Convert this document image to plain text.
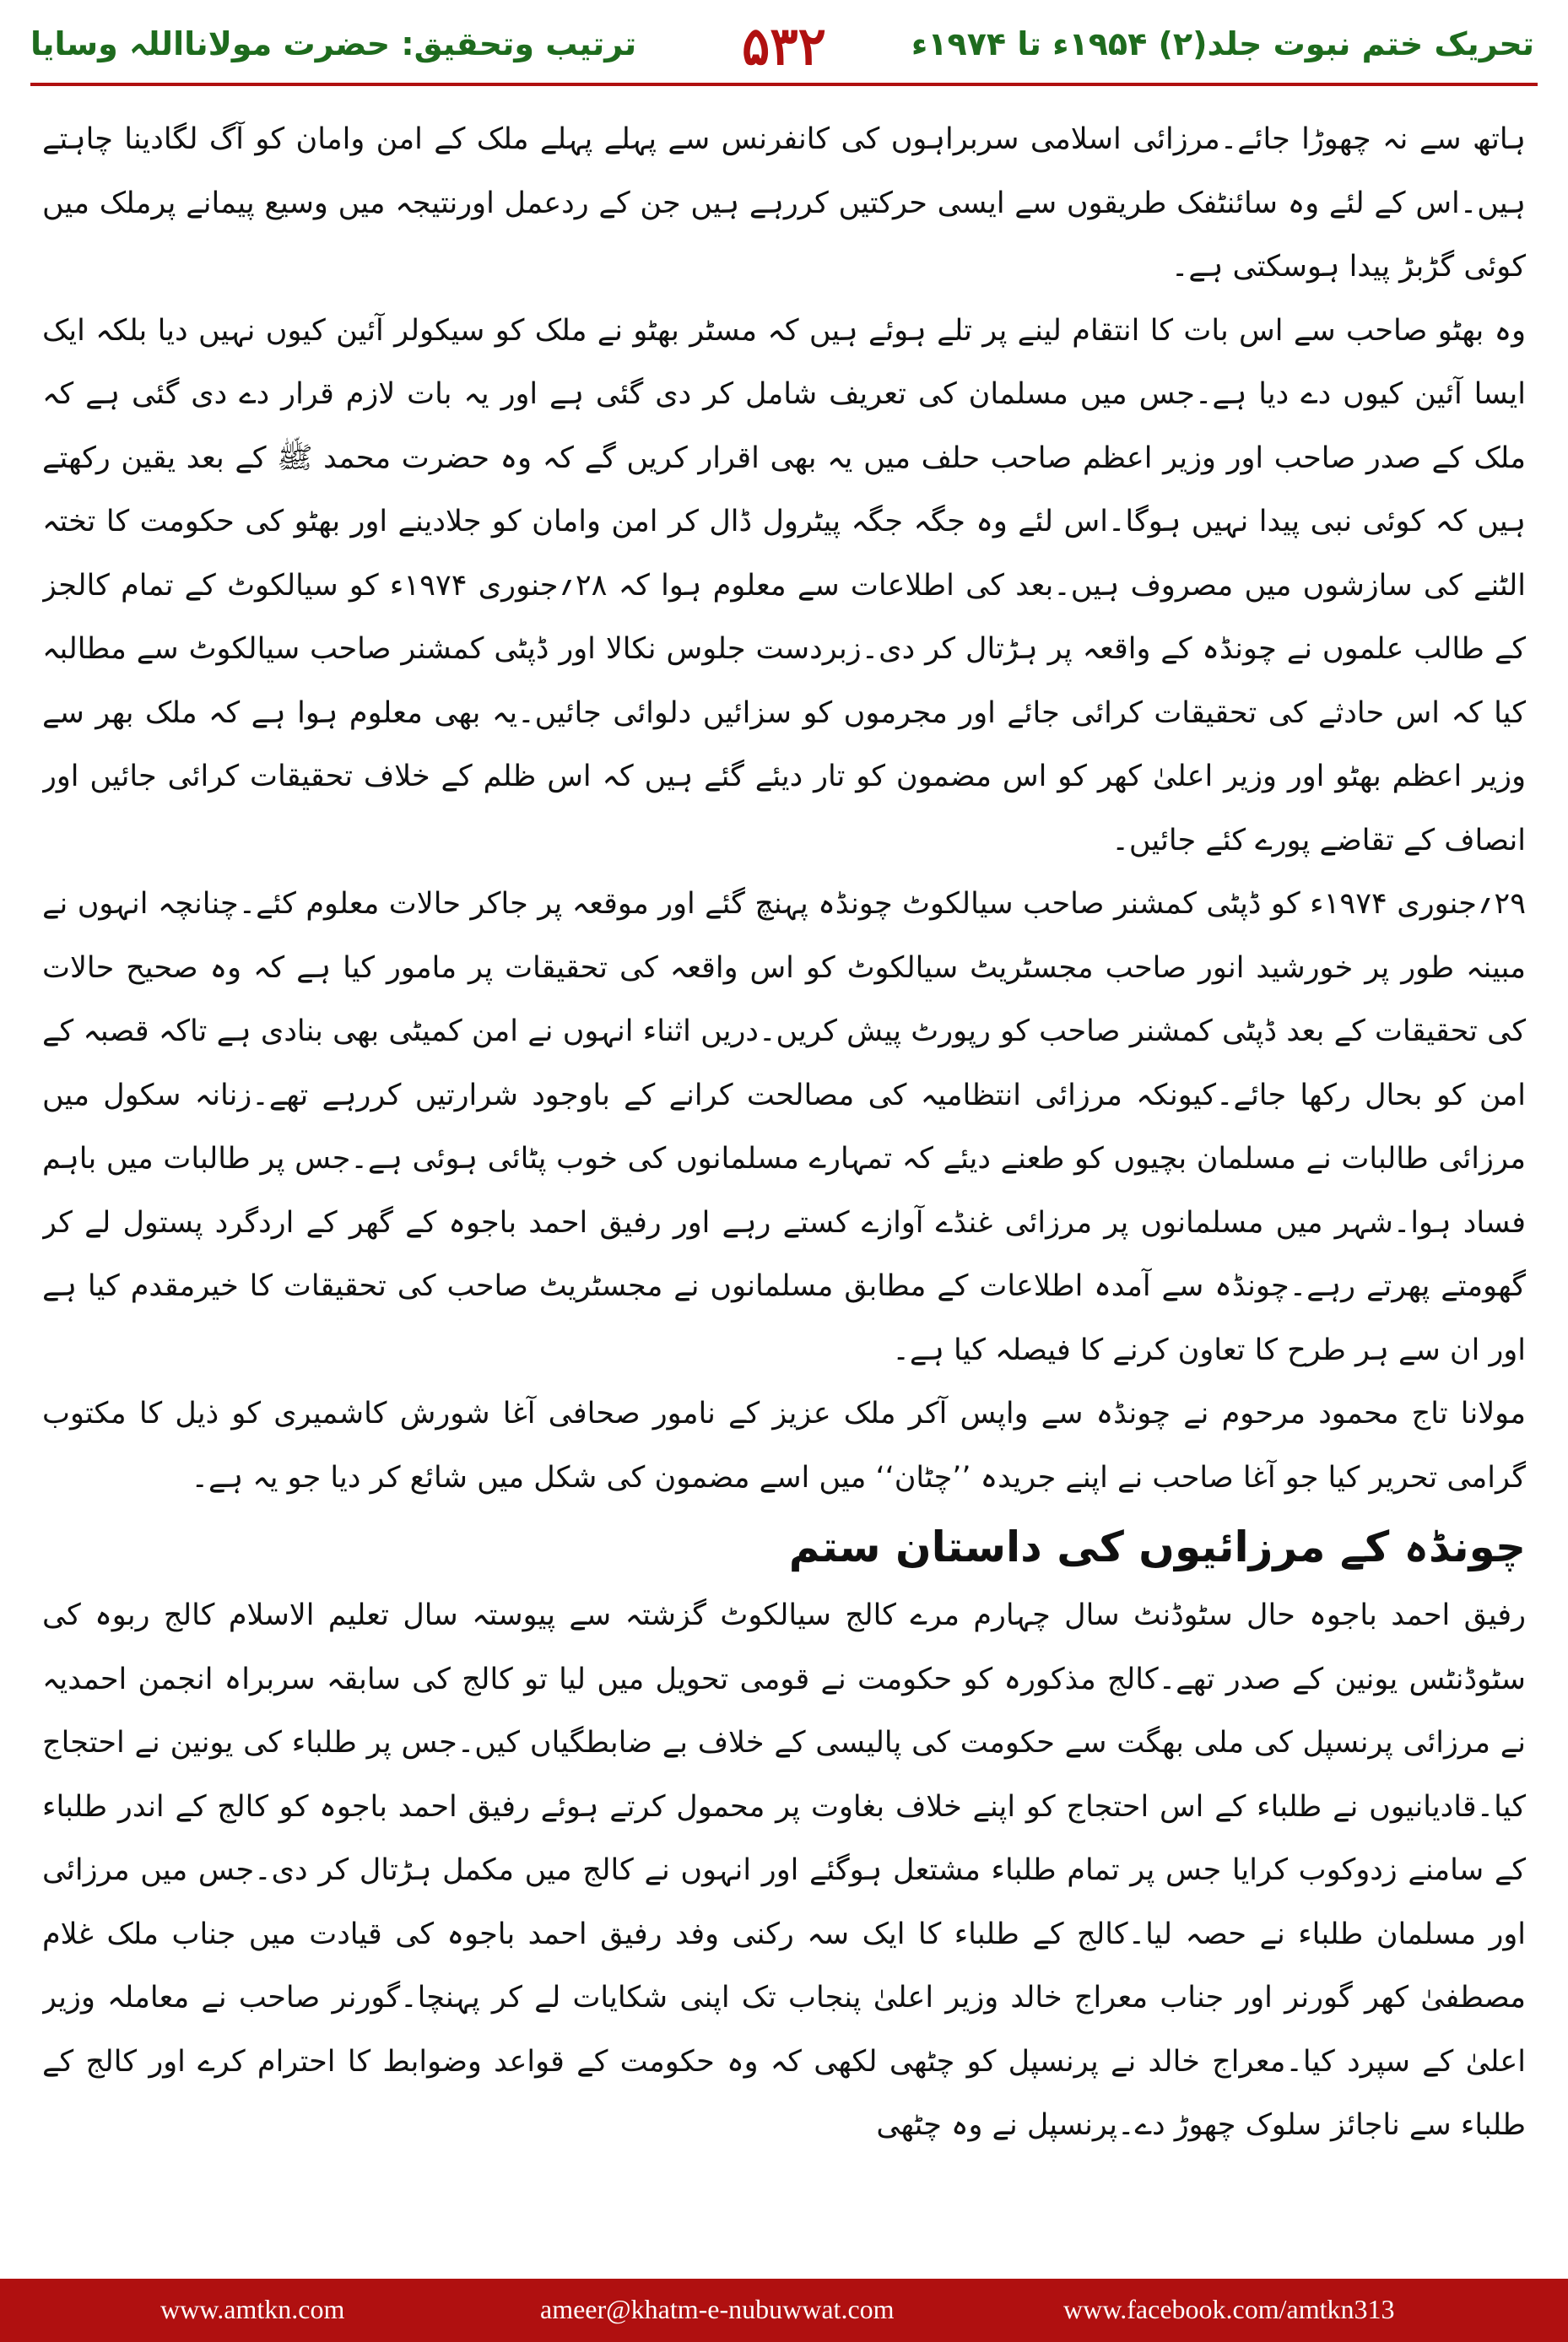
تحریک ختم نبوت جلد(۲) ۱۹۵۴ء تا ۱۹۷۴ء
۵۳۲
ترتیب وتحقیق: حضرت مولانااللہ وسایا

ہاتھ سے نہ چھوڑا جائے۔مرزائی اسلامی سربراہوں کی کانفرنس سے پہلے پہلے ملک کے امن وامان کو آگ لگادینا چاہتے ہیں۔اس کے لئے وہ سائنٹفک طریقوں سے ایسی حرکتیں کررہے ہیں جن کے ردعمل اورنتیجہ میں وسیع پیمانے پرملک میں کوئی گڑبڑ پیدا ہوسکتی ہے۔

وہ بھٹو صاحب سے اس بات کا انتقام لینے پر تلے ہوئے ہیں کہ مسٹر بھٹو نے ملک کو سیکولر آئین کیوں نہیں دیا بلکہ ایک ایسا آئین کیوں دے دیا ہے۔جس میں مسلمان کی تعریف شامل کر دی گئی ہے اور یہ بات لازم قرار دے دی گئی ہے کہ ملک کے صدر صاحب اور وزیر اعظم صاحب حلف میں یہ بھی اقرار کریں گے کہ وہ حضرت محمد ﷺ کے بعد یقین رکھتے ہیں کہ کوئی نبی پیدا نہیں ہوگا۔اس لئے وہ جگہ جگہ پیٹرول ڈال کر امن وامان کو جلادینے اور بھٹو کی حکومت کا تختہ الٹنے کی سازشوں میں مصروف ہیں۔بعد کی اطلاعات سے معلوم ہوا کہ ۲۸؍جنوری ۱۹۷۴ء کو سیالکوٹ کے تمام کالجز کے طالب علموں نے چونڈہ کے واقعہ پر ہڑتال کر دی۔زبردست جلوس نکالا اور ڈپٹی کمشنر صاحب سیالکوٹ سے مطالبہ کیا کہ اس حادثے کی تحقیقات کرائی جائے اور مجرموں کو سزائیں دلوائی جائیں۔یہ بھی معلوم ہوا ہے کہ ملک بھر سے وزیر اعظم بھٹو اور وزیر اعلیٰ کھر کو اس مضمون کو تار دیئے گئے ہیں کہ اس ظلم کے خلاف تحقیقات کرائی جائیں اور انصاف کے تقاضے پورے کئے جائیں۔

۲۹؍جنوری ۱۹۷۴ء کو ڈپٹی کمشنر صاحب سیالکوٹ چونڈہ پہنچ گئے اور موقعہ پر جاکر حالات معلوم کئے۔چنانچہ انہوں نے مبینہ طور پر خورشید انور صاحب مجسٹریٹ سیالکوٹ کو اس واقعہ کی تحقیقات پر مامور کیا ہے کہ وہ صحیح حالات کی تحقیقات کے بعد ڈپٹی کمشنر صاحب کو رپورٹ پیش کریں۔دریں اثناء انہوں نے امن کمیٹی بھی بنادی ہے تاکہ قصبہ کے امن کو بحال رکھا جائے۔کیونکہ مرزائی انتظامیہ کی مصالحت کرانے کے باوجود شرارتیں کررہے تھے۔زنانہ سکول میں مرزائی طالبات نے مسلمان بچیوں کو طعنے دیئے کہ تمہارے مسلمانوں کی خوب پٹائی ہوئی ہے۔جس پر طالبات میں باہم فساد ہوا۔شہر میں مسلمانوں پر مرزائی غنڈے آوازے کستے رہے اور رفیق احمد باجوہ کے گھر کے اردگرد پستول لے کر گھومتے پھرتے رہے۔چونڈہ سے آمدہ اطلاعات کے مطابق مسلمانوں نے مجسٹریٹ صاحب کی تحقیقات کا خیرمقدم کیا ہے اور ان سے ہر طرح کا تعاون کرنے کا فیصلہ کیا ہے۔

مولانا تاج محمود مرحوم نے چونڈہ سے واپس آکر ملک عزیز کے نامور صحافی آغا شورش کاشمیری کو ذیل کا مکتوب گرامی تحریر کیا جو آغا صاحب نے اپنے جریدہ ’’چٹان‘‘ میں اسے مضمون کی شکل میں شائع کر دیا جو یہ ہے۔

چونڈہ کے مرزائیوں کی داستان ستم

رفیق احمد باجوہ حال سٹوڈنٹ سال چہارم مرے کالج سیالکوٹ گزشتہ سے پیوستہ سال تعلیم الاسلام کالج ربوہ کی سٹوڈنٹس یونین کے صدر تھے۔کالج مذکورہ کو حکومت نے قومی تحویل میں لیا تو کالج کی سابقہ سربراہ انجمن احمدیہ نے مرزائی پرنسپل کی ملی بھگت سے حکومت کی پالیسی کے خلاف بے ضابطگیاں کیں۔جس پر طلباء کی یونین نے احتجاج کیا۔قادیانیوں نے طلباء کے اس احتجاج کو اپنے خلاف بغاوت پر محمول کرتے ہوئے رفیق احمد باجوہ کو کالج کے اندر طلباء کے سامنے زدوکوب کرایا جس پر تمام طلباء مشتعل ہوگئے اور انہوں نے کالج میں مکمل ہڑتال کر دی۔جس میں مرزائی اور مسلمان طلباء نے حصہ لیا۔کالج کے طلباء کا ایک سہ رکنی وفد رفیق احمد باجوہ کی قیادت میں جناب ملک غلام مصطفیٰ کھر گورنر اور جناب معراج خالد وزیر اعلیٰ پنجاب تک اپنی شکایات لے کر پہنچا۔گورنر صاحب نے معاملہ وزیر اعلیٰ کے سپرد کیا۔معراج خالد نے پرنسپل کو چٹھی لکھی کہ وہ حکومت کے قواعد وضوابط کا احترام کرے اور کالج کے طلباء سے ناجائز سلوک چھوڑ دے۔پرنسپل نے وہ چٹھی

www.amtkn.com	ameer@khatm-e-nubuwwat.com	www.facebook.com/amtkn313
